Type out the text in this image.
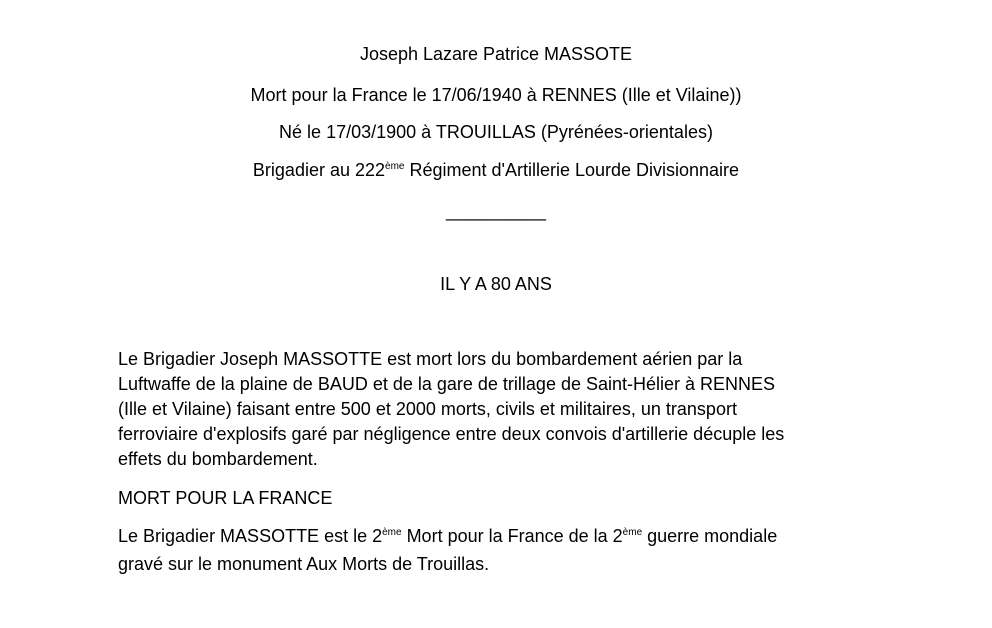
Joseph Lazare Patrice MASSOTE
Mort pour la France le 17/06/1940 à RENNES (Ille et Vilaine))
Né le 17/03/1900 à TROUILLAS (Pyrénées-orientales)
Brigadier au 222ème Régiment d'Artillerie Lourde Divisionnaire
__________
IL Y A 80 ANS
Le Brigadier Joseph MASSOTTE est mort lors du bombardement aérien par la
Luftwaffe de la plaine de BAUD et de la gare de trillage de Saint-Hélier à RENNES
(Ille et Vilaine) faisant entre 500 et 2000 morts, civils et militaires, un transport
ferroviaire d'explosifs garé par négligence entre deux convois d'artillerie décuple les
effets du bombardement.
MORT POUR LA FRANCE
Le Brigadier MASSOTTE est le 2ème Mort pour la France de la 2ème guerre mondiale
gravé sur le monument Aux Morts de Trouillas.
